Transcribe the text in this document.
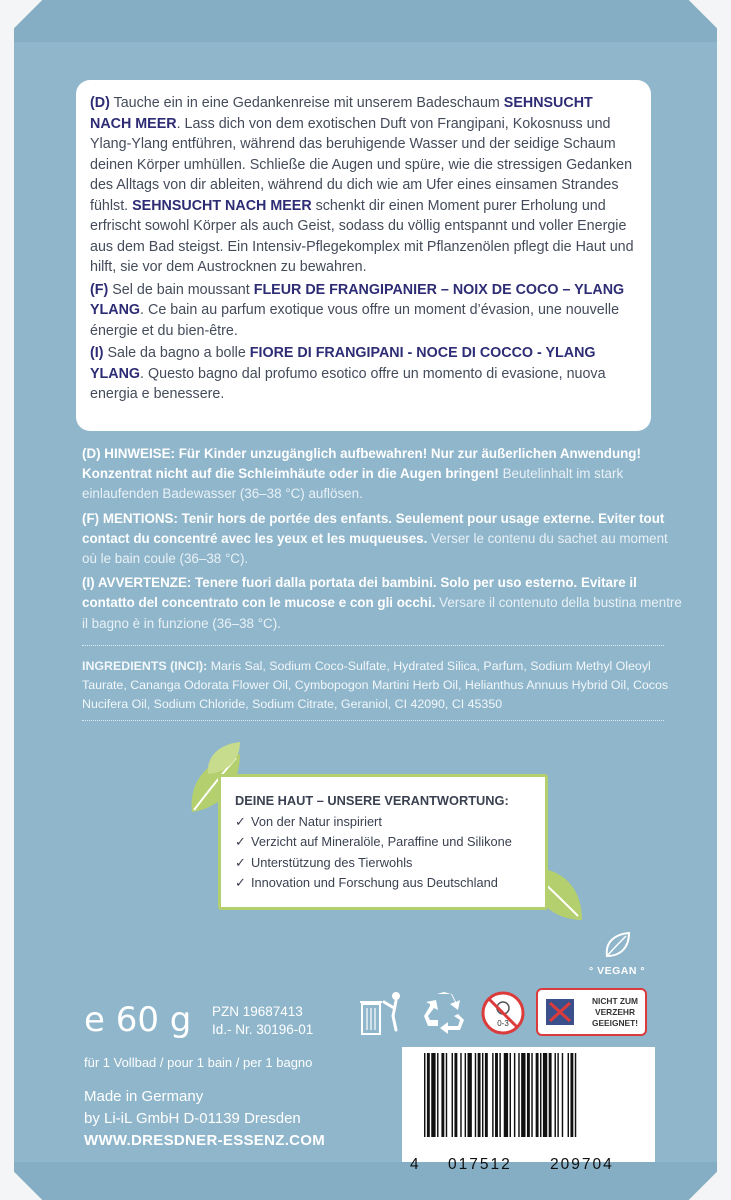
(D) Tauche ein in eine Gedankenreise mit unserem Badeschaum SEHNSUCHT NACH MEER. Lass dich von dem exotischen Duft von Frangipani, Kokosnuss und Ylang-Ylang entführen, während das beruhigende Wasser und der seidige Schaum deinen Körper umhüllen. Schließe die Augen und spüre, wie die stressigen Gedanken des Alltags von dir ableiten, während du dich wie am Ufer eines einsamen Strandes fühlst. SEHNSUCHT NACH MEER schenkt dir einen Moment purer Erholung und erfrischt sowohl Körper als auch Geist, sodass du völlig entspannt und voller Energie aus dem Bad steigst. Ein Intensiv-Pflegekomplex mit Pflanzenölen pflegt die Haut und hilft, sie vor dem Austrocknen zu bewahren.

(F) Sel de bain moussant FLEUR DE FRANGIPANIER – NOIX DE COCO – YLANG YLANG. Ce bain au parfum exotique vous offre un moment d’évasion, une nouvelle énergie et du bien-être.

(I) Sale da bagno a bolle FIORE DI FRANGIPANI - NOCE DI COCCO - YLANG YLANG. Questo bagno dal profumo esotico offre un momento di evasione, nuova energia e benessere.

(D) HINWEISE: Für Kinder unzugänglich aufbewahren! Nur zur äußerlichen Anwendung! Konzentrat nicht auf die Schleimhäute oder in die Augen bringen! Beutelinhalt im stark einlaufenden Badewasser (36–38 °C) auflösen.

(F) MENTIONS: Tenir hors de portée des enfants. Seulement pour usage externe. Eviter tout contact du concentré avec les yeux et les muqueuses. Verser le contenu du sachet au moment où le bain coule (36–38 °C).

(I) AVVERTENZE: Tenere fuori dalla portata dei bambini. Solo per uso esterno. Evitare il contatto del concentrato con le mucose e con gli occhi. Versare il contenuto della bustina mentre il bagno è in funzione (36–38 °C).

INGREDIENTS (INCI): Maris Sal, Sodium Coco-Sulfate, Hydrated Silica, Parfum, Sodium Methyl Oleoyl Taurate, Cananga Odorata Flower Oil, Cymbopogon Martini Herb Oil, Helianthus Annuus Hybrid Oil, Cocos Nucifera Oil, Sodium Chloride, Sodium Citrate, Geraniol, CI 42090, CI 45350
DEINE HAUT – UNSERE VERANTWORTUNG:
✓ Von der Natur inspiriert
✓ Verzicht auf Mineralöle, Paraffine und Silikone
✓ Unterstützung des Tierwohls
✓ Innovation und Forschung aus Deutschland
° VEGAN °
e 60 g PZN 19687413
Id.- Nr. 30196-01	0-3
NICHT ZUM
VERZEHR
GEEIGNET!
für 1 Vollbad / pour 1 bain / per 1 bagno
Made in Germany
by Li-iL GmbH D-01139 Dresden
WWW.DRESDNER-ESSENZ.COM
4 017512 209704
